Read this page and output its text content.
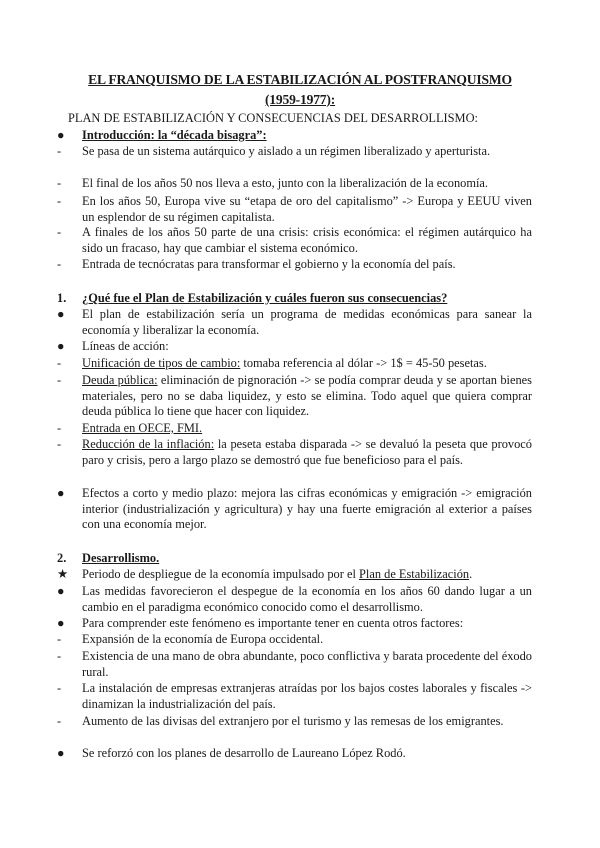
EL FRANQUISMO DE LA ESTABILIZACIÓN AL POSTFRANQUISMO
(1959-1977):
PLAN DE ESTABILIZACIÓN Y CONSECUENCIAS DEL DESARROLLISMO:
●	Introducción: la “década bisagra”:
-	Se pasa de un sistema autárquico y aislado a un régimen liberalizado y aperturista.
-	El final de los años 50 nos lleva a esto, junto con la liberalización de la economía.
-	En los años 50, Europa vive su “etapa de oro del capitalismo” -> Europa y EEUU viven un esplendor de su régimen capitalista.
-	A finales de los años 50 parte de una crisis: crisis económica: el régimen autárquico ha sido un fracaso, hay que cambiar el sistema económico.
-	Entrada de tecnócratas para transformar el gobierno y la economía del país.
1.	¿Qué fue el Plan de Estabilización y cuáles fueron sus consecuencias?
●	El plan de estabilización sería un programa de medidas económicas para sanear la economía y liberalizar la economía.
●	Líneas de acción:
-	Unificación de tipos de cambio: tomaba referencia al dólar -> 1$ = 45-50 pesetas.
-	Deuda pública: eliminación de pignoración -> se podía comprar deuda y se aportan bienes materiales, pero no se daba liquidez, y esto se elimina. Todo aquel que quiera comprar deuda pública lo tiene que hacer con liquidez.
-	Entrada en OECE, FMI.
-	Reducción de la inflación: la peseta estaba disparada -> se devaluó la peseta que provocó paro y crisis, pero a largo plazo se demostró que fue beneficioso para el país.
●	Efectos a corto y medio plazo: mejora las cifras económicas y emigración -> emigración interior (industrialización y agricultura) y hay una fuerte emigración al exterior a países con una economía mejor.
2.	Desarrollismo.
★ Periodo de despliegue de la economía impulsado por el Plan de Estabilización.
●	Las medidas favorecieron el despegue de la economía en los años 60 dando lugar a un cambio en el paradigma económico conocido como el desarrollismo.
●	Para comprender este fenómeno es importante tener en cuenta otros factores:
-	Expansión de la economía de Europa occidental.
-	Existencia de una mano de obra abundante, poco conflictiva y barata procedente del éxodo rural.
-	La instalación de empresas extranjeras atraídas por los bajos costes laborales y fiscales -> dinamizan la industrialización del país.
-	Aumento de las divisas del extranjero por el turismo y las remesas de los emigrantes.
●	Se reforzó con los planes de desarrollo de Laureano López Rodó.
